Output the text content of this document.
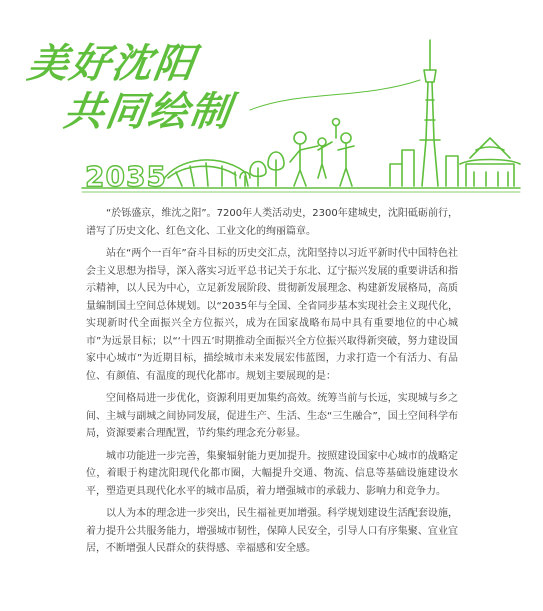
美好沈阳
共同绘制
2035

“於铄盛京，维沈之阳”。7200年人类活动史，2300年建城史，沈阳砥砺前行，谱写了历史文化、红色文化、工业文化的绚丽篇章。

站在“两个一百年”奋斗目标的历史交汇点，沈阳坚持以习近平新时代中国特色社会主义思想为指导，深入落实习近平总书记关于东北、辽宁振兴发展的重要讲话和指示精神，以人民为中心，立足新发展阶段、贯彻新发展理念、构建新发展格局，高质量编制国土空间总体规划。以“2035年与全国、全省同步基本实现社会主义现代化，实现新时代全面振兴全方位振兴，成为在国家战略布局中具有重要地位的中心城市”为远景目标；以“‘十四五’时期推动全面振兴全方位振兴取得新突破，努力建设国家中心城市”为近期目标，描绘城市未来发展宏伟蓝图，力求打造一个有活力、有品位、有颜值、有温度的现代化都市。规划主要展现的是：

空间格局进一步优化，资源利用更加集约高效。统筹当前与长远，实现城与乡之间、主城与副城之间协同发展，促进生产、生活、生态“三生融合”，国土空间科学布局，资源要素合理配置，节约集约理念充分彰显。

城市功能进一步完善，集聚辐射能力更加提升。按照建设国家中心城市的战略定位，着眼于构建沈阳现代化都市圈，大幅提升交通、物流、信息等基础设施建设水平，塑造更具现代化水平的城市品质，着力增强城市的承载力、影响力和竞争力。

以人为本的理念进一步突出，民生福祉更加增强。科学规划建设生活配套设施，着力提升公共服务能力，增强城市韧性，保障人民安全，引导人口有序集聚、宜业宜居，不断增强人民群众的获得感、幸福感和安全感。
